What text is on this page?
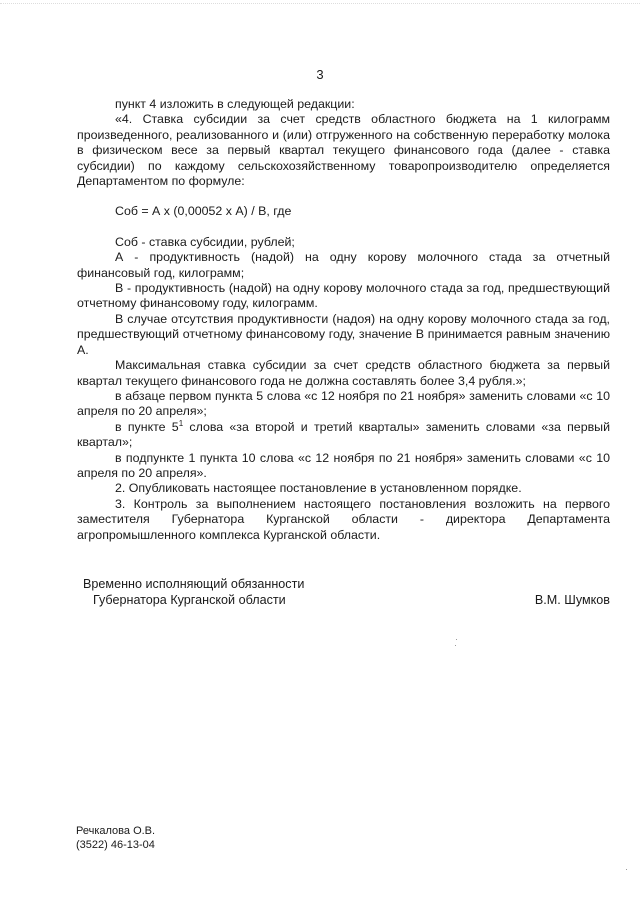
3

пункт 4 изложить в следующей редакции:

«4. Ставка субсидии за счет средств областного бюджета на 1 килограмм произведенного, реализованного и (или) отгруженного на собственную переработку молока в физическом весе за первый квартал текущего финансового года (далее - ставка субсидии) по каждому сельскохозяйственному товаропроизводителю определяется Департаментом по формуле:

Соб = А х (0,00052 х А) / В, где

Соб - ставка субсидии, рублей;

А - продуктивность (надой) на одну корову молочного стада за отчетный финансовый год, килограмм;

В - продуктивность (надой) на одну корову молочного стада за год, предшествующий отчетному финансовому году, килограмм.

В случае отсутствия продуктивности (надоя) на одну корову молочного стада за год, предшествующий отчетному финансовому году, значение В принимается равным значению А.

Максимальная ставка субсидии за счет средств областного бюджета за первый квартал текущего финансового года не должна составлять более 3,4 рубля.»;

в абзаце первом пункта 5 слова «с 12 ноября по 21 ноября» заменить словами «с 10 апреля по 20 апреля»;

в пункте $5^1$ слова «за второй и третий кварталы» заменить словами «за первый квартал»;

в подпункте 1 пункта 10 слова «с 12 ноября по 21 ноября» заменить словами «с 10 апреля по 20 апреля».

2. Опубликовать настоящее постановление в установленном порядке.

3. Контроль за выполнением настоящего постановления возложить на первого заместителя Губернатора Курганской области - директора Департамента агропромышленного комплекса Курганской области.

Временно исполняющий обязанности
Губернатора Курганской области	В.М. Шумков
Речкалова О.В.
(3522) 46-13-04
